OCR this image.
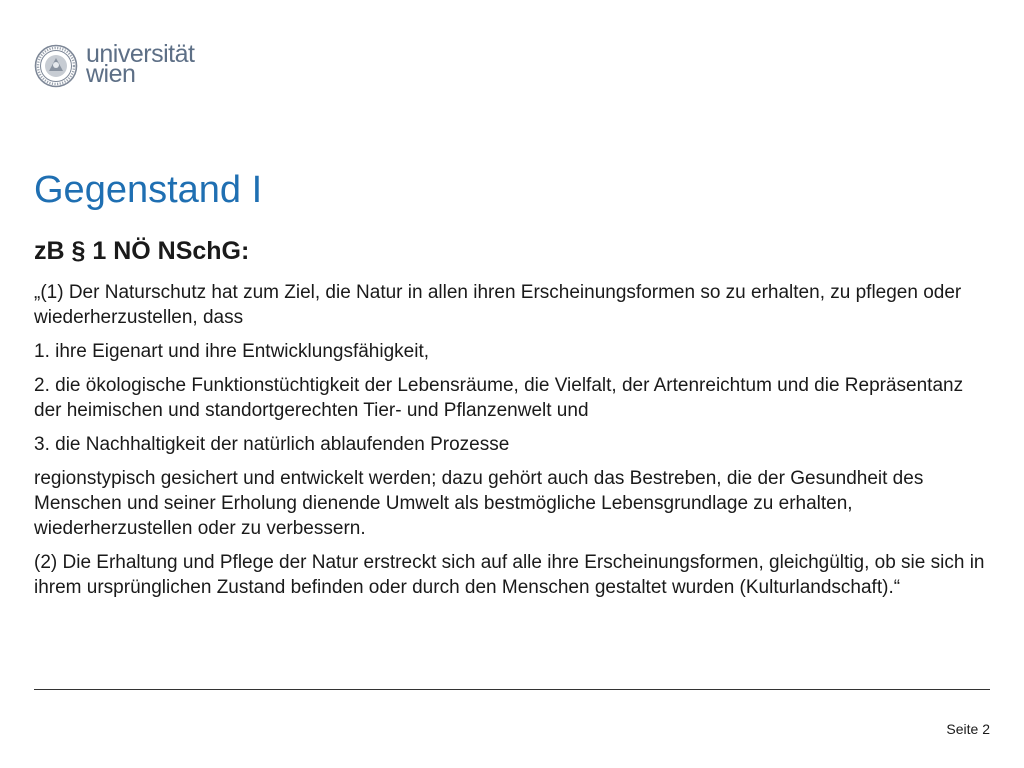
universität
wien
Gegenstand I
zB § 1 NÖ NSchG:

„(1) Der Naturschutz hat zum Ziel, die Natur in allen ihren Erscheinungsformen so zu erhalten, zu pflegen oder wiederherzustellen, dass

1. ihre Eigenart und ihre Entwicklungsfähigkeit,

2. die ökologische Funktionstüchtigkeit der Lebensräume, die Vielfalt, der Artenreichtum und die Repräsentanz der heimischen und standortgerechten Tier- und Pflanzenwelt und

3. die Nachhaltigkeit der natürlich ablaufenden Prozesse

regionstypisch gesichert und entwickelt werden; dazu gehört auch das Bestreben, die der Gesundheit des Menschen und seiner Erholung dienende Umwelt als bestmögliche Lebensgrundlage zu erhalten, wiederherzustellen oder zu verbessern.

(2) Die Erhaltung und Pflege der Natur erstreckt sich auf alle ihre Erscheinungsformen, gleichgültig, ob sie sich in ihrem ursprünglichen Zustand befinden oder durch den Menschen gestaltet wurden (Kulturlandschaft).“

Seite 2
